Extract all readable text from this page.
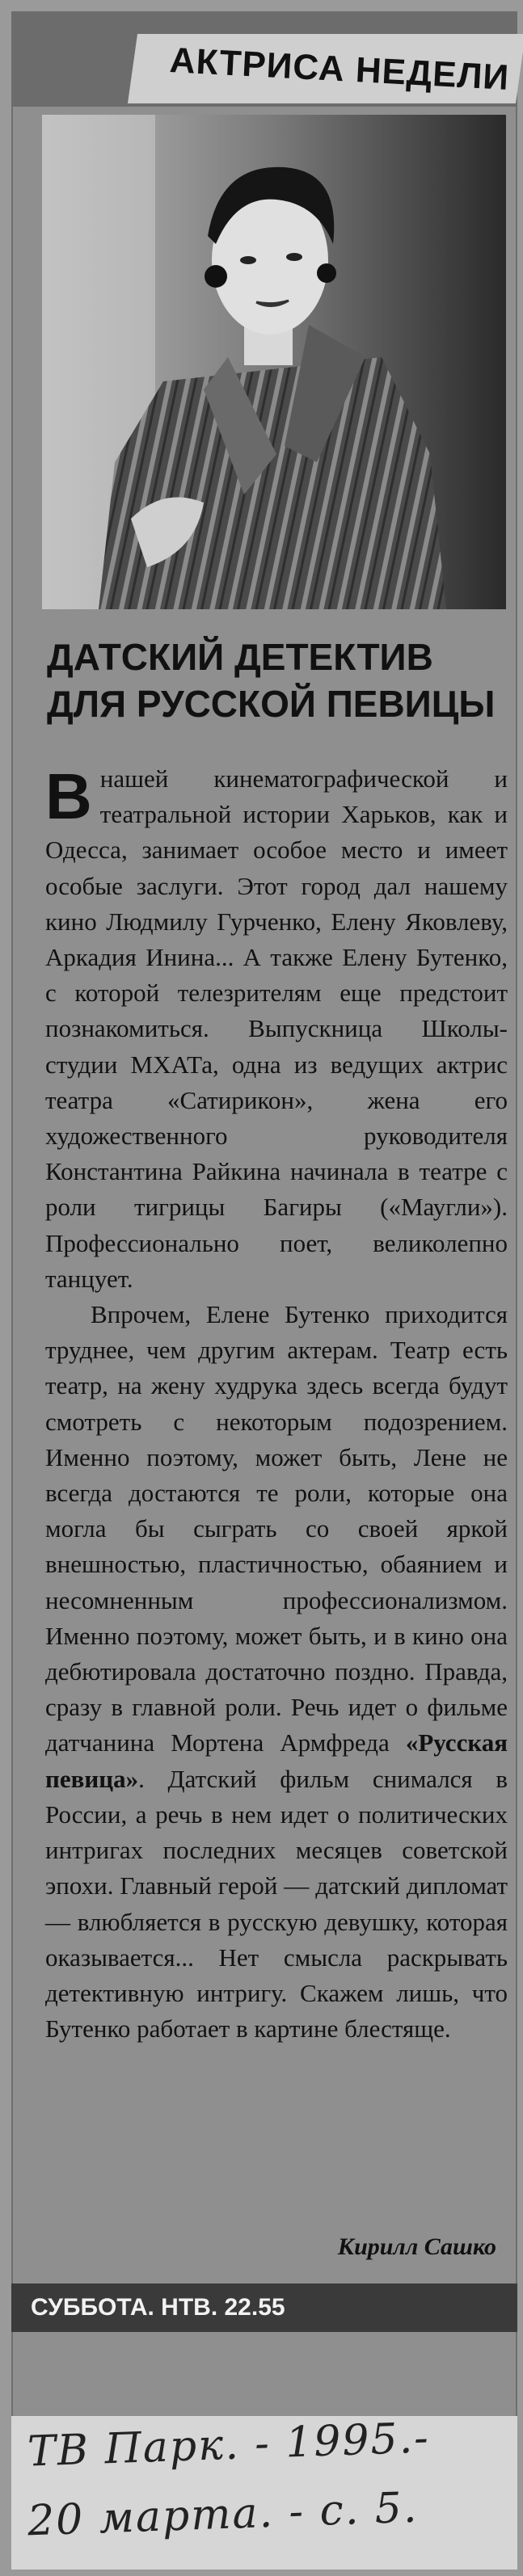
АКТРИСА НЕДЕЛИ
ДАТСКИЙ ДЕТЕКТИВ
ДЛЯ РУССКОЙ ПЕВИЦЫ

В нашей кинематографической и театральной истории Харьков, как и Одесса, занимает особое место и имеет особые заслуги. Этот город дал нашему кино Людмилу Гурченко, Елену Яковлеву, Аркадия Инина... А также Елену Бутенко, с которой телезрителям еще предстоит познакомиться. Выпускница Школы-студии МХАТа, одна из ведущих актрис театра «Сатирикон», жена его художественного руководителя Константина Райкина начинала в театре с роли тигрицы Багиры («Маугли»). Профессионально поет, великолепно танцует.

Впрочем, Елене Бутенко приходится труднее, чем другим актерам. Театр есть театр, на жену худрука здесь всегда будут смотреть с некоторым подозрением. Именно поэтому, может быть, Лене не всегда достаются те роли, которые она могла бы сыграть со своей яркой внешностью, пластичностью, обаянием и несомненным профессионализмом. Именно поэтому, может быть, и в кино она дебютировала достаточно поздно. Правда, сразу в главной роли. Речь идет о фильме датчанина Мортена Армфреда «Русская певица». Датский фильм снимался в России, а речь в нем идет о политических интригах последних месяцев советской эпохи. Главный герой — датский дипломат — влюбляется в русскую девушку, которая оказывается... Нет смысла раскрывать детективную интригу. Скажем лишь, что Бутенко работает в картине блестяще.

Кирилл Сашко
СУББОТА. НТВ. 22.55
ТВ Парк. - 1995.-
20 марта. - с. 5.
